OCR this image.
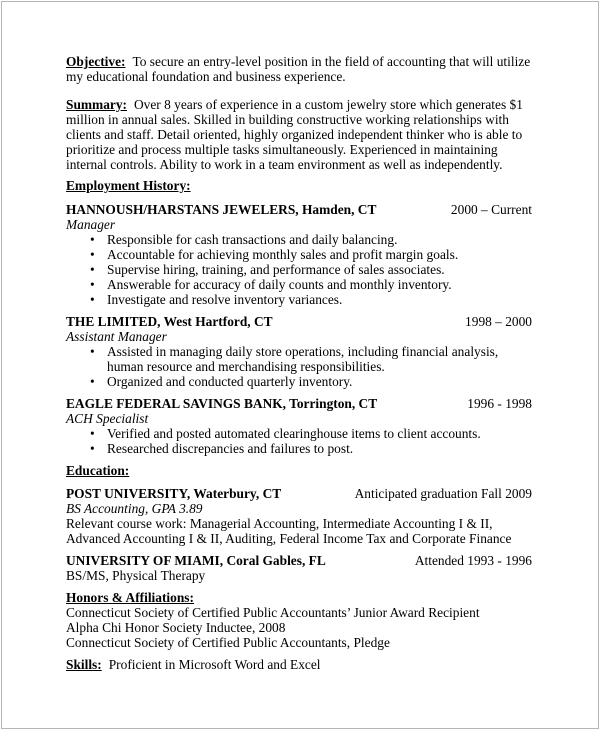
Objective: To secure an entry-level position in the field of accounting that will utilize my educational foundation and business experience.

Summary: Over 8 years of experience in a custom jewelry store which generates $1 million in annual sales. Skilled in building constructive working relationships with clients and staff. Detail oriented, highly organized independent thinker who is able to prioritize and process multiple tasks simultaneously. Experienced in maintaining internal controls. Ability to work in a team environment as well as independently.

Employment History:
HANNOUSH/HARSTANS JEWELERS, Hamden, CT	2000 – Current
Manager
• Responsible for cash transactions and daily balancing.
• Accountable for achieving monthly sales and profit margin goals.
• Supervise hiring, training, and performance of sales associates.
• Answerable for accuracy of daily counts and monthly inventory.
• Investigate and resolve inventory variances.
THE LIMITED, West Hartford, CT	1998 – 2000
Assistant Manager
• Assisted in managing daily store operations, including financial analysis, human resource and merchandising responsibilities.
• Organized and conducted quarterly inventory.
EAGLE FEDERAL SAVINGS BANK, Torrington, CT	1996 - 1998
ACH Specialist
• Verified and posted automated clearinghouse items to client accounts.
• Researched discrepancies and failures to post.
Education:
POST UNIVERSITY, Waterbury, CT	Anticipated graduation Fall 2009
BS Accounting, GPA 3.89
Relevant course work: Managerial Accounting, Intermediate Accounting I & II, Advanced Accounting I & II, Auditing, Federal Income Tax and Corporate Finance
UNIVERSITY OF MIAMI, Coral Gables, FL	Attended 1993 - 1996
BS/MS, Physical Therapy
Honors & Affiliations:
Connecticut Society of Certified Public Accountants’ Junior Award Recipient
Alpha Chi Honor Society Inductee, 2008
Connecticut Society of Certified Public Accountants, Pledge

Skills: Proficient in Microsoft Word and Excel
